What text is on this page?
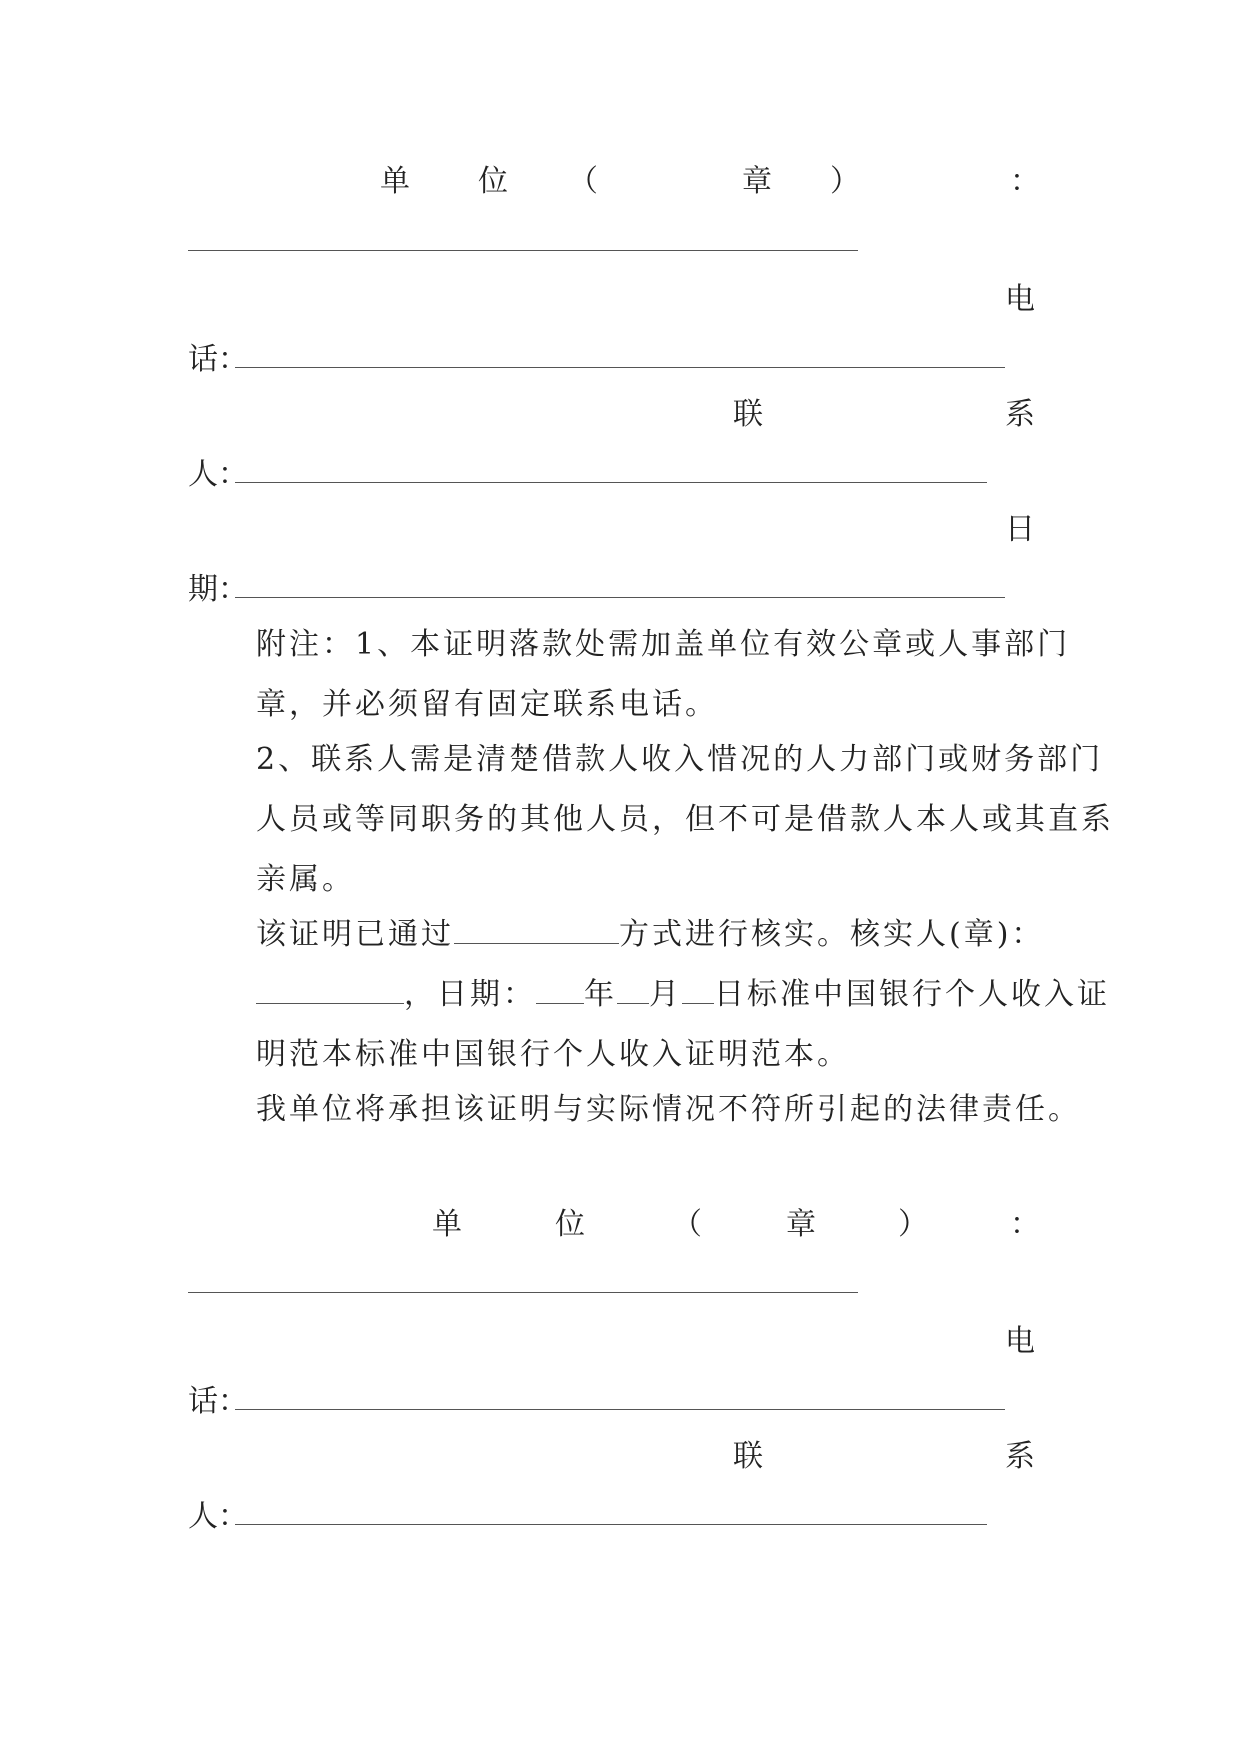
单 位 （	章 ）	：
电
话：
联	系
人：
日
期：
附注：1、本证明落款处需加盖单位有效公章或人事部门章，并必须留有固定联系电话。
2、联系人需是清楚借款人收入惜况的人力部门或财务部门人员或等同职务的其他人员，但不可是借款人本人或其直系亲属。
该证明已通过	方式进行核实。核实人(章)：，日期： 年 月 日标准中国银行个人收入证明范本标准中国银行个人收入证明范本。
我单位将承担该证明与实际情况不符所引起的法律责任。
单	位	（	章	）	：
电
话：
联	系
人：
